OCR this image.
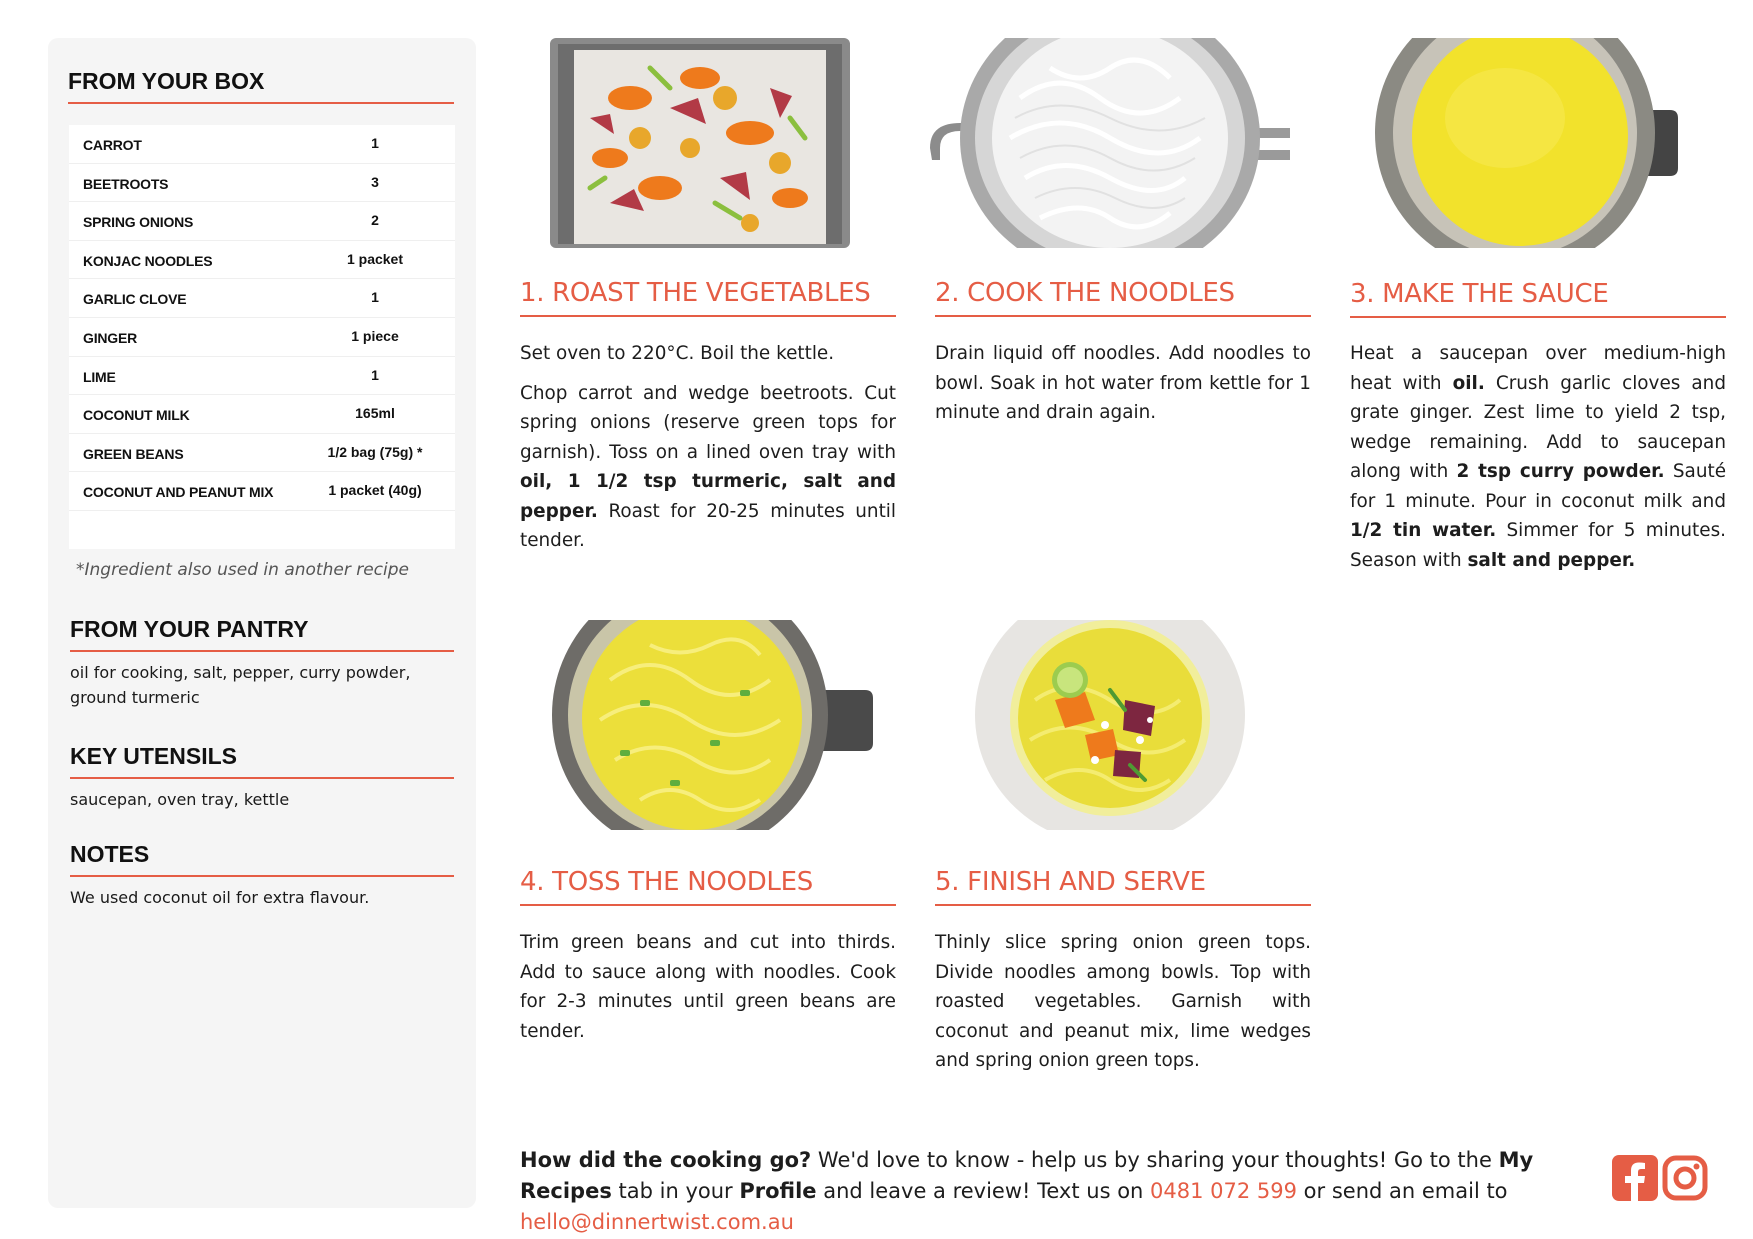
FROM YOUR BOX
CARROT	1
BEETROOTS	3
SPRING ONIONS	2
KONJAC NOODLES	1 packet
GARLIC CLOVE	1
GINGER	1 piece
LIME	1
COCONUT MILK	165ml
GREEN BEANS	1/2 bag (75g) *
COCONUT AND PEANUT MIX	1 packet (40g)
*Ingredient also used in another recipe
FROM YOUR PANTRY
oil for cooking, salt, pepper, curry powder, ground turmeric
KEY UTENSILS
saucepan, oven tray, kettle
NOTES
We used coconut oil for extra flavour.
1. ROAST THE VEGETABLES	2. COOK THE NOODLES	3. MAKE THE SAUCE
4. TOSS THE NOODLES	5. FINISH AND SERVE

Set oven to 220°C. Boil the kettle.

Chop carrot and wedge beetroots. Cut spring onions (reserve green tops for garnish). Toss on a lined oven tray with oil, 1 1/2 tsp turmeric, salt and pepper. Roast for 20-25 minutes until tender.

Drain liquid off noodles. Add noodles to bowl. Soak in hot water from kettle for 1 minute and drain again.

Heat a saucepan over medium-high heat with oil. Crush garlic cloves and grate ginger. Zest lime to yield 2 tsp, wedge remaining. Add to saucepan along with 2 tsp curry powder. Sauté for 1 minute. Pour in coconut milk and 1/2 tin water. Simmer for 5 minutes. Season with salt and pepper.

Trim green beans and cut into thirds. Add to sauce along with noodles. Cook for 2-3 minutes until green beans are tender.

Thinly slice spring onion green tops. Divide noodles among bowls. Top with roasted vegetables. Garnish with coconut and peanut mix, lime wedges and spring onion green tops.

How did the cooking go? We'd love to know - help us by sharing your thoughts! Go to the My Recipes tab in your Profile and leave a review! Text us on 0481 072 599 or send an email to hello@dinnertwist.com.au
